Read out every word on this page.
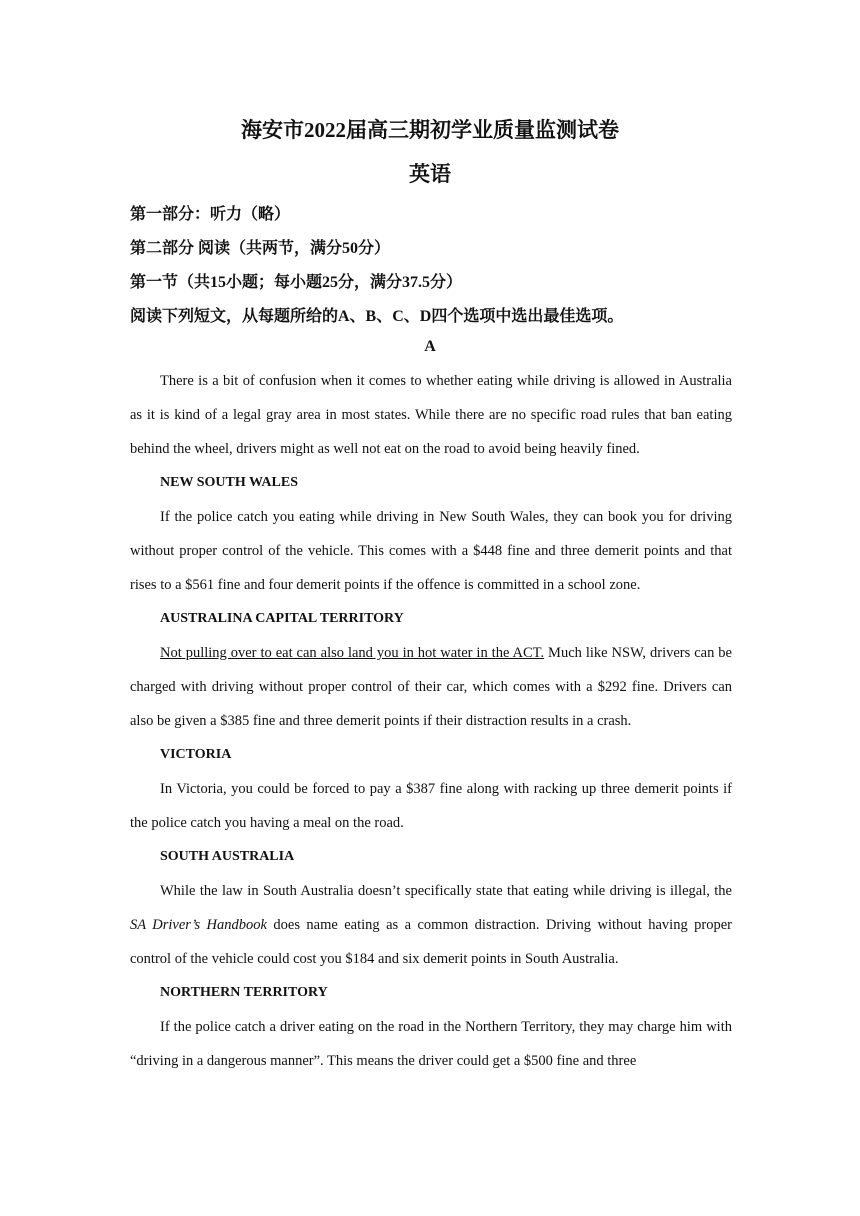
海安市2022届高三期初学业质量监测试卷
英语

第一部分：听力（略）

第二部分 阅读（共两节，满分50分）

第一节（共15小题；每小题25分，满分37.5分）

阅读下列短文，从每题所给的A、B、C、D四个选项中选出最佳选项。

A

There is a bit of confusion when it comes to whether eating while driving is allowed in Australia as it is kind of a legal gray area in most states. While there are no specific road rules that ban eating behind the wheel, drivers might as well not eat on the road to avoid being heavily fined.

NEW SOUTH WALES

If the police catch you eating while driving in New South Wales, they can book you for driving without proper control of the vehicle. This comes with a $448 fine and three demerit points and that rises to a $561 fine and four demerit points if the offence is committed in a school zone.

AUSTRALINA CAPITAL TERRITORY

Not pulling over to eat can also land you in hot water in the ACT. Much like NSW, drivers can be charged with driving without proper control of their car, which comes with a $292 fine. Drivers can also be given a $385 fine and three demerit points if their distraction results in a crash.

VICTORIA

In Victoria, you could be forced to pay a $387 fine along with racking up three demerit points if the police catch you having a meal on the road.

SOUTH AUSTRALIA

While the law in South Australia doesn’t specifically state that eating while driving is illegal, the SA Driver’s Handbook does name eating as a common distraction. Driving without having proper control of the vehicle could cost you $184 and six demerit points in South Australia.

NORTHERN TERRITORY

If the police catch a driver eating on the road in the Northern Territory, they may charge him with “driving in a dangerous manner”. This means the driver could get a $500 fine and three
